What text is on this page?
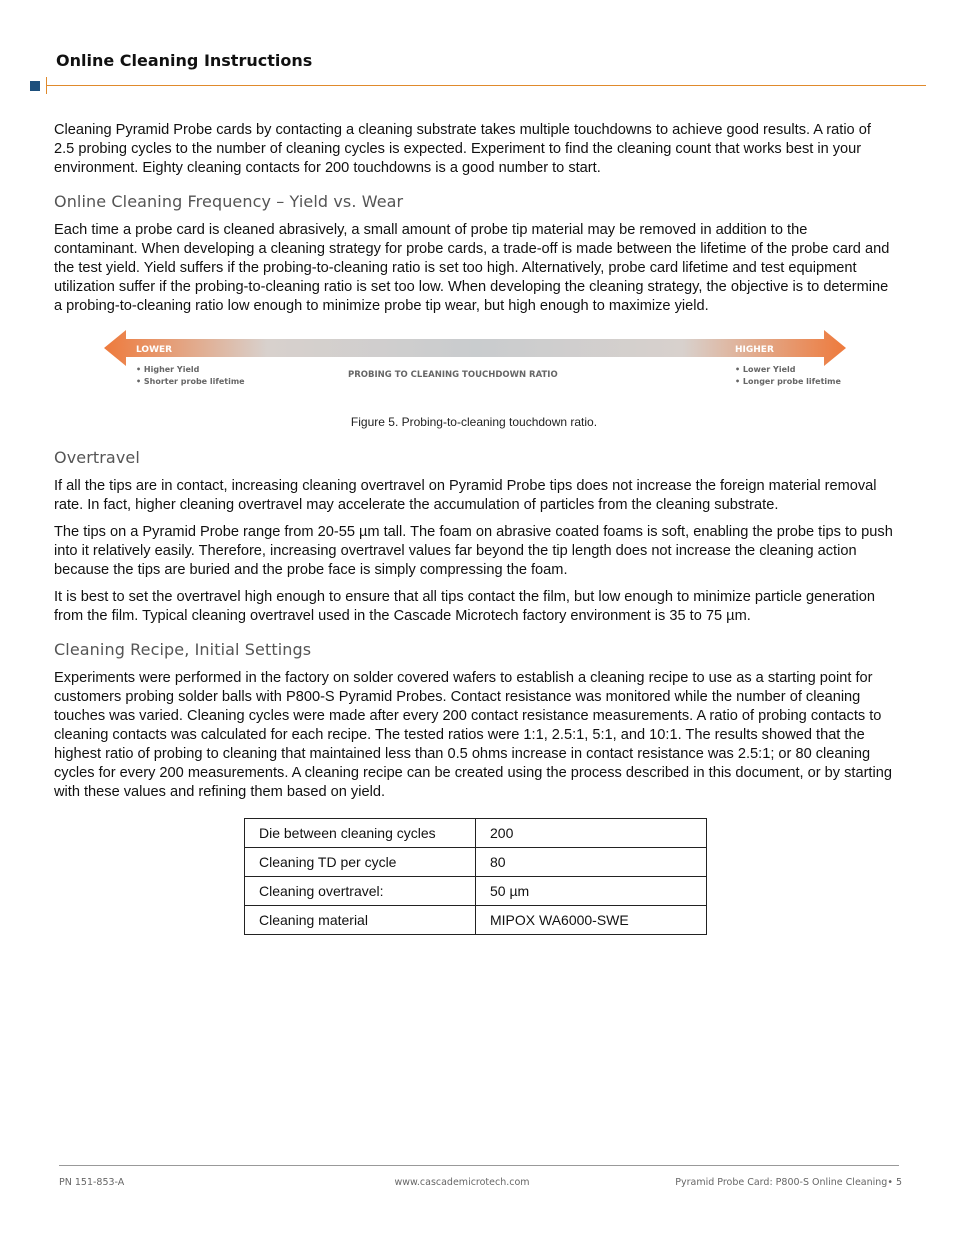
Online Cleaning Instructions

Cleaning Pyramid Probe cards by contacting a cleaning substrate takes multiple touchdowns to achieve good results. A ratio of 2.5 probing cycles to the number of cleaning cycles is expected. Experiment to find the cleaning count that works best in your environment. Eighty cleaning contacts for 200 touchdowns is a good number to start.

Online Cleaning Frequency – Yield vs. Wear

Each time a probe card is cleaned abrasively, a small amount of probe tip material may be removed in addition to the contaminant. When developing a cleaning strategy for probe cards, a trade-off is made between the lifetime of the probe card and the test yield. Yield suffers if the probing-to-cleaning ratio is set too high. Alternatively, probe card lifetime and test equipment utilization suffer if the probing-to-cleaning ratio is set too low. When developing the cleaning strategy, the objective is to determine a probing-to-cleaning ratio low enough to minimize probe tip wear, but high enough to maximize yield.

LOWER	HIGHER
• Higher Yield
• Shorter probe lifetime
PROBING TO CLEANING TOUCHDOWN RATIO
• Lower Yield
• Longer probe lifetime
Figure 5. Probing-to-cleaning touchdown ratio.
Overtravel

If all the tips are in contact, increasing cleaning overtravel on Pyramid Probe tips does not increase the foreign material removal rate. In fact, higher cleaning overtravel may accelerate the accumulation of particles from the cleaning substrate.

The tips on a Pyramid Probe range from 20-55 µm tall. The foam on abrasive coated foams is soft, enabling the probe tips to push into it relatively easily. Therefore, increasing overtravel values far beyond the tip length does not increase the cleaning action because the tips are buried and the probe face is simply compressing the foam.

It is best to set the overtravel high enough to ensure that all tips contact the film, but low enough to minimize particle generation from the film. Typical cleaning overtravel used in the Cascade Microtech factory environment is 35 to 75 µm.

Cleaning Recipe, Initial Settings

Experiments were performed in the factory on solder covered wafers to establish a cleaning recipe to use as a starting point for customers probing solder balls with P800-S Pyramid Probes. Contact resistance was monitored while the number of cleaning touches was varied. Cleaning cycles were made after every 200 contact resistance measurements. A ratio of probing contacts to cleaning contacts was calculated for each recipe. The tested ratios were 1:1, 2.5:1, 5:1, and 10:1. The results showed that the highest ratio of probing to cleaning that maintained less than 0.5 ohms increase in contact resistance was 2.5:1; or 80 cleaning cycles for every 200 measurements. A cleaning recipe can be created using the process described in this document, or by starting with these values and refining them based on yield.

Die between cleaning cycles	200
Cleaning TD per cycle	80
Cleaning overtravel:	50 µm
Cleaning material	MIPOX WA6000-SWE
PN 151-853-A	www.cascademicrotech.com	Pyramid Probe Card: P800-S Online Cleaning• 5
